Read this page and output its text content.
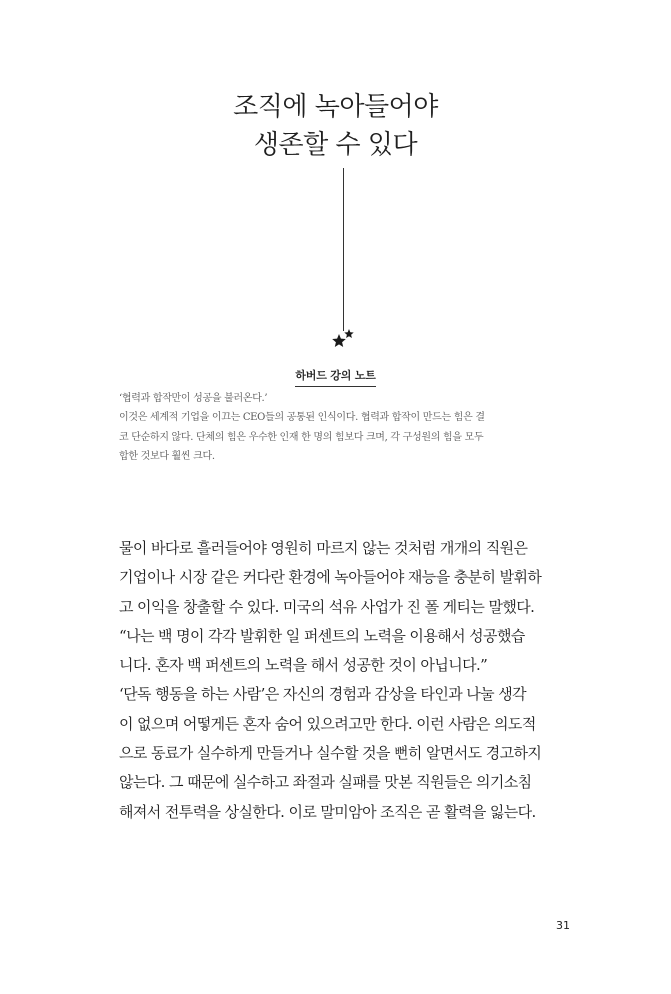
조직에 녹아들어야
생존할 수 있다
하버드 강의 노트
‘협력과 합작만이 성공을 불러온다.’
이것은 세계적 기업을 이끄는 CEO들의 공통된 인식이다. 협력과 합작이 만드는 힘은 결
코 단순하지 않다. 단체의 힘은 우수한 인재 한 명의 힘보다 크며, 각 구성원의 힘을 모두
합한 것보다 훨씬 크다.
물이 바다로 흘러들어야 영원히 마르지 않는 것처럼 개개의 직원은
기업이나 시장 같은 커다란 환경에 녹아들어야 재능을 충분히 발휘하
고 이익을 창출할 수 있다. 미국의 석유 사업가 진 폴 게티는 말했다.
“나는 백 명이 각각 발휘한 일 퍼센트의 노력을 이용해서 성공했습
니다. 혼자 백 퍼센트의 노력을 해서 성공한 것이 아닙니다.”
‘단독 행동을 하는 사람’은 자신의 경험과 감상을 타인과 나눌 생각
이 없으며 어떻게든 혼자 숨어 있으려고만 한다. 이런 사람은 의도적
으로 동료가 실수하게 만들거나 실수할 것을 뻔히 알면서도 경고하지
않는다. 그 때문에 실수하고 좌절과 실패를 맛본 직원들은 의기소침
해져서 전투력을 상실한다. 이로 말미암아 조직은 곧 활력을 잃는다.
31
